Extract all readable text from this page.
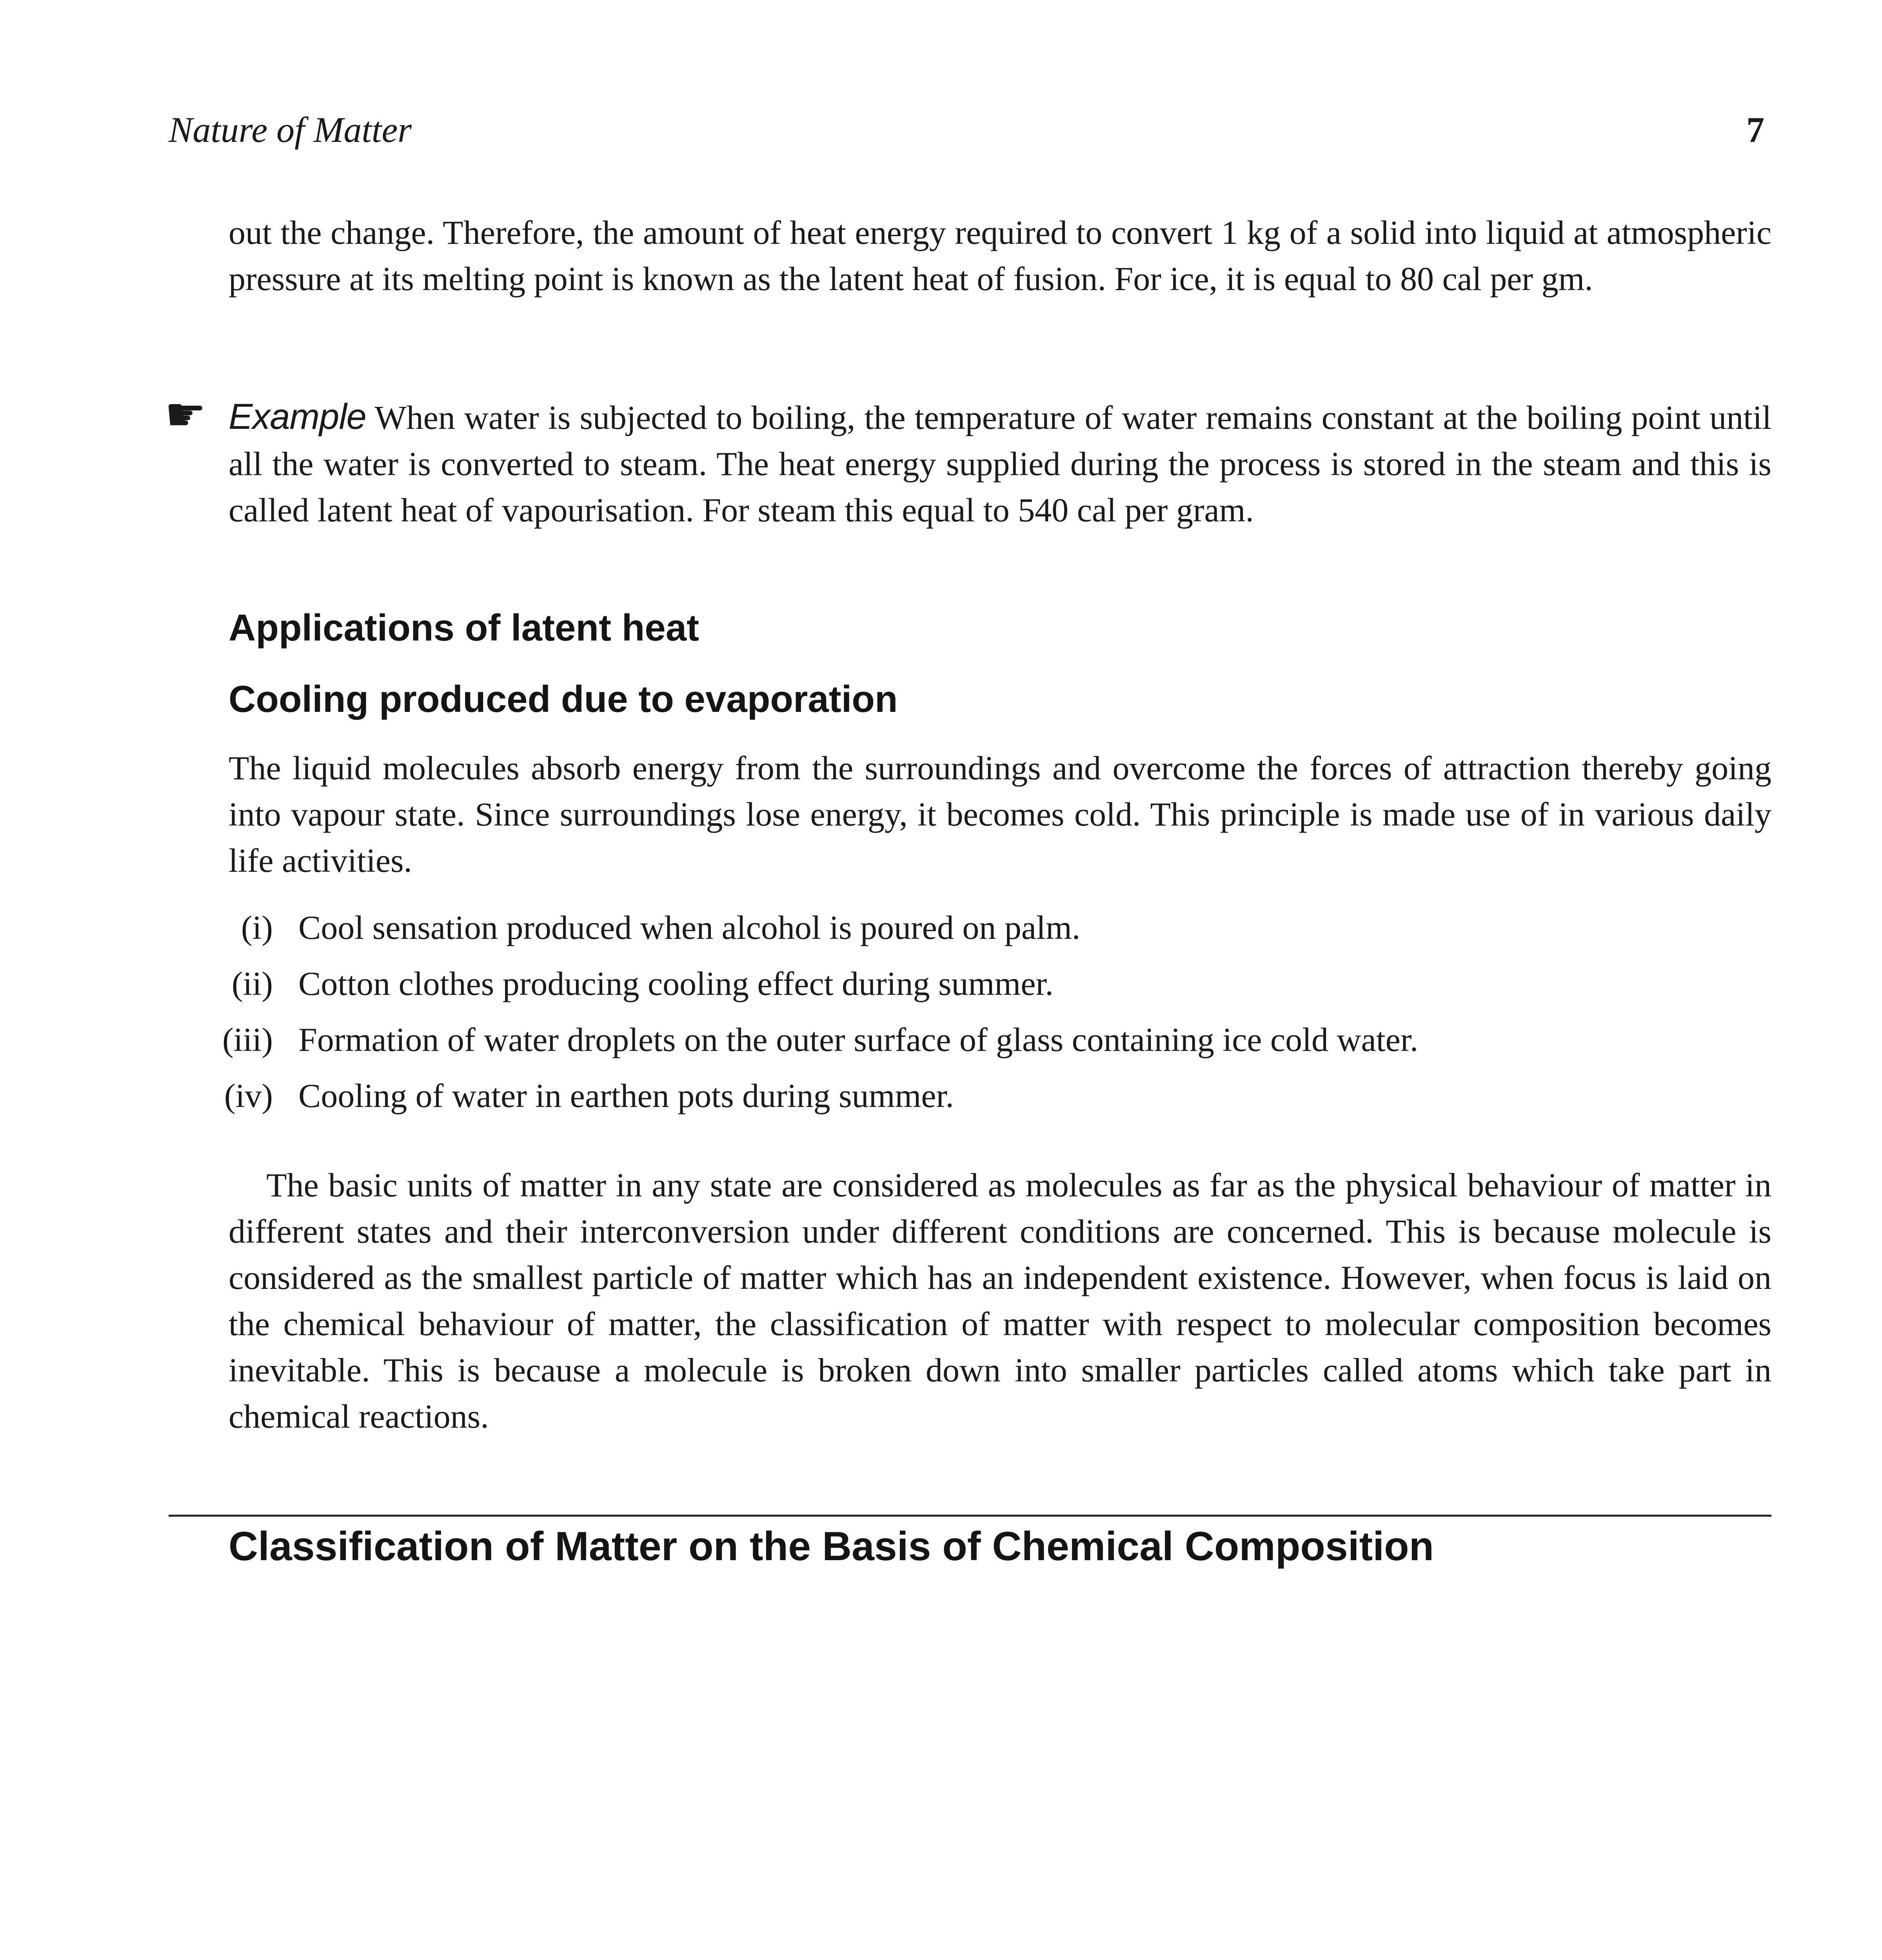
Nature of Matter	7

out the change. Therefore, the amount of heat energy required to convert 1 kg of a solid into liquid at atmospheric pressure at its melting point is known as the latent heat of fusion. For ice, it is equal to 80 cal per gm.

☛ Example When water is subjected to boiling, the temperature of water remains constant at the boiling point until all the water is converted to steam. The heat energy supplied during the process is stored in the steam and this is called latent heat of vapourisation. For steam this equal to 540 cal per gram.

Applications of latent heat
Cooling produced due to evaporation

The liquid molecules absorb energy from the surroundings and overcome the forces of attraction thereby going into vapour state. Since surroundings lose energy, it becomes cold. This principle is made use of in various daily life activities.

(i) Cool sensation produced when alcohol is poured on palm.
(ii) Cotton clothes producing cooling effect during summer.
(iii) Formation of water droplets on the outer surface of glass containing ice cold water.
(iv) Cooling of water in earthen pots during summer.

The basic units of matter in any state are considered as molecules as far as the physical behaviour of matter in different states and their interconversion under different conditions are concerned. This is because molecule is considered as the smallest particle of matter which has an independent existence. However, when focus is laid on the chemical behaviour of matter, the classification of matter with respect to molecular composition becomes inevitable. This is because a molecule is broken down into smaller particles called atoms which take part in chemical reactions.

Classification of Matter on the Basis of Chemical Composition
